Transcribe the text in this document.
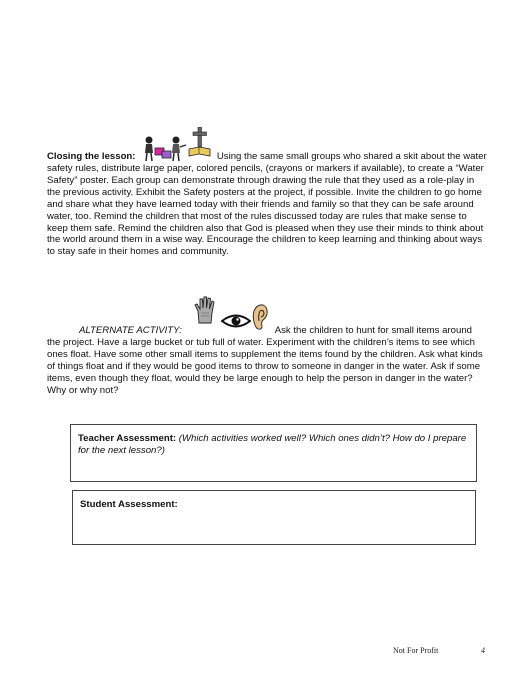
Closing the lesson:	Using the same small groups who shared a skit about the water safety rules, distribute large paper, colored pencils, (crayons or markers if available), to create a “Water Safety” poster. Each group can demonstrate through drawing the rule that they used as a role-play in the previous activity. Exhibit the Safety posters at the project, if possible. Invite the children to go home and share what they have learned today with their friends and family so that they can be safe around water, too. Remind the children that most of the rules discussed today are rules that make sense to keep them safe. Remind the children also that God is pleased when they use their minds to think about the world around them in a wise way. Encourage the children to keep learning and thinking about ways to stay safe in their homes and community.
ALTERNATE ACTIVITY:	Ask the children to hunt for small items around the project. Have a large bucket or tub full of water. Experiment with the children’s items to see which ones float. Have some other small items to supplement the items found by the children. Ask what kinds of things float and if they would be good items to throw to someone in danger in the water. Ask if some items, even though they float, would they be large enough to help the person in danger in the water? Why or why not?
Teacher Assessment: (Which activities worked well? Which ones didn’t? How do I prepare for the next lesson?)
Student Assessment:
Not For Profit	4
